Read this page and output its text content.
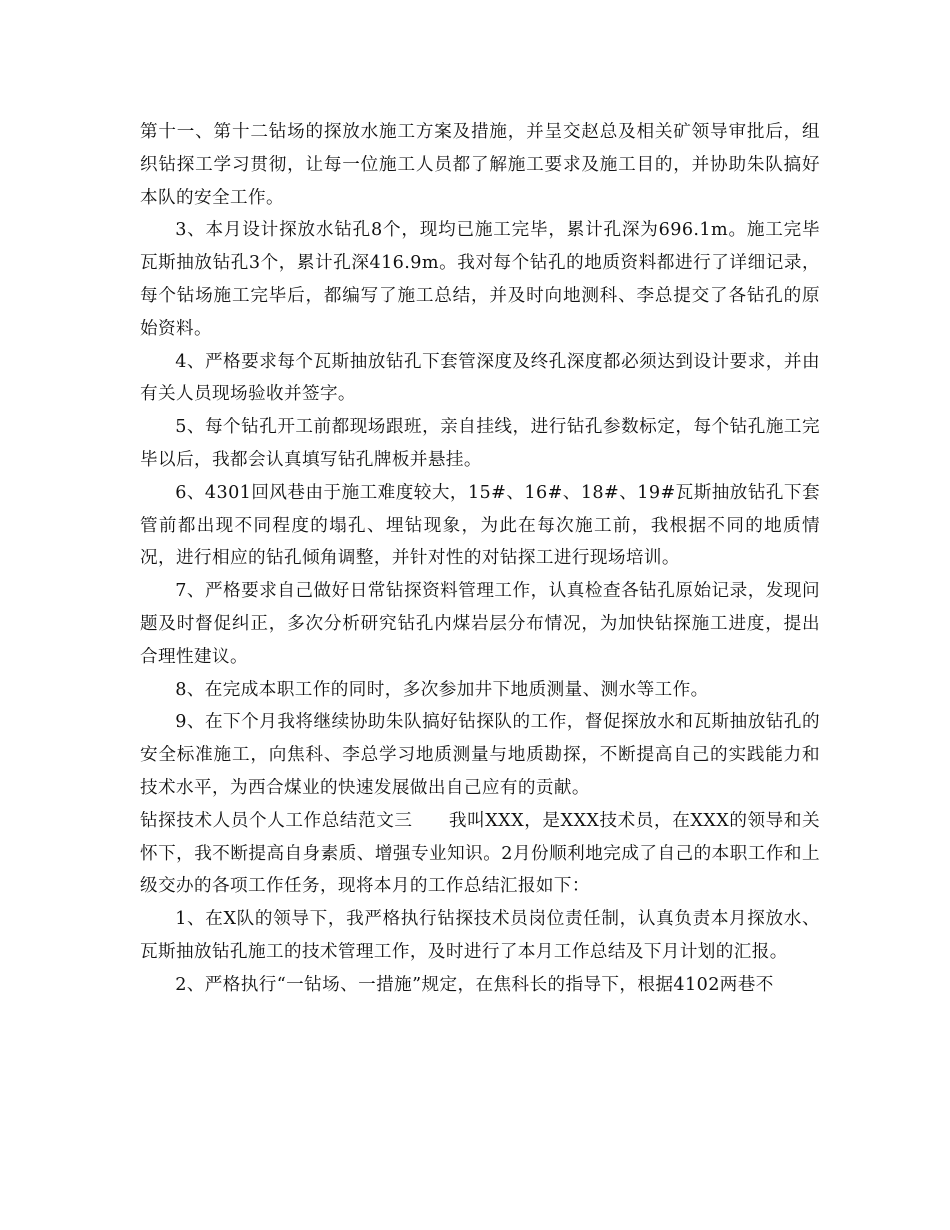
第十一、第十二钻场的探放水施工方案及措施，并呈交赵总及相关矿领导审批后，组织钻探工学习贯彻，让每一位施工人员都了解施工要求及施工目的，并协助朱队搞好本队的安全工作。

3、本月设计探放水钻孔8个，现均已施工完毕，累计孔深为696.1m。施工完毕瓦斯抽放钻孔3个，累计孔深416.9m。我对每个钻孔的地质资料都进行了详细记录，每个钻场施工完毕后，都编写了施工总结，并及时向地测科、李总提交了各钻孔的原始资料。

4、严格要求每个瓦斯抽放钻孔下套管深度及终孔深度都必须达到设计要求，并由有关人员现场验收并签字。

5、每个钻孔开工前都现场跟班，亲自挂线，进行钻孔参数标定，每个钻孔施工完毕以后，我都会认真填写钻孔牌板并悬挂。

6、4301回风巷由于施工难度较大，15#、16#、18#、19#瓦斯抽放钻孔下套管前都出现不同程度的塌孔、埋钻现象，为此在每次施工前，我根据不同的地质情况，进行相应的钻孔倾角调整，并针对性的对钻探工进行现场培训。

7、严格要求自己做好日常钻探资料管理工作，认真检查各钻孔原始记录，发现问题及时督促纠正，多次分析研究钻孔内煤岩层分布情况，为加快钻探施工进度，提出合理性建议。

8、在完成本职工作的同时，多次参加井下地质测量、测水等工作。

9、在下个月我将继续协助朱队搞好钻探队的工作，督促探放水和瓦斯抽放钻孔的安全标准施工，向焦科、李总学习地质测量与地质勘探，不断提高自己的实践能力和技术水平，为西合煤业的快速发展做出自己应有的贡献。

钻探技术人员个人工作总结范文三　　我叫XXX，是XXX技术员，在XXX的领导和关怀下，我不断提高自身素质、增强专业知识。2月份顺利地完成了自己的本职工作和上级交办的各项工作任务，现将本月的工作总结汇报如下：

1、在X队的领导下，我严格执行钻探技术员岗位责任制，认真负责本月探放水、瓦斯抽放钻孔施工的技术管理工作，及时进行了本月工作总结及下月计划的汇报。

2、严格执行“一钻场、一措施”规定，在焦科长的指导下，根据4102两巷不
